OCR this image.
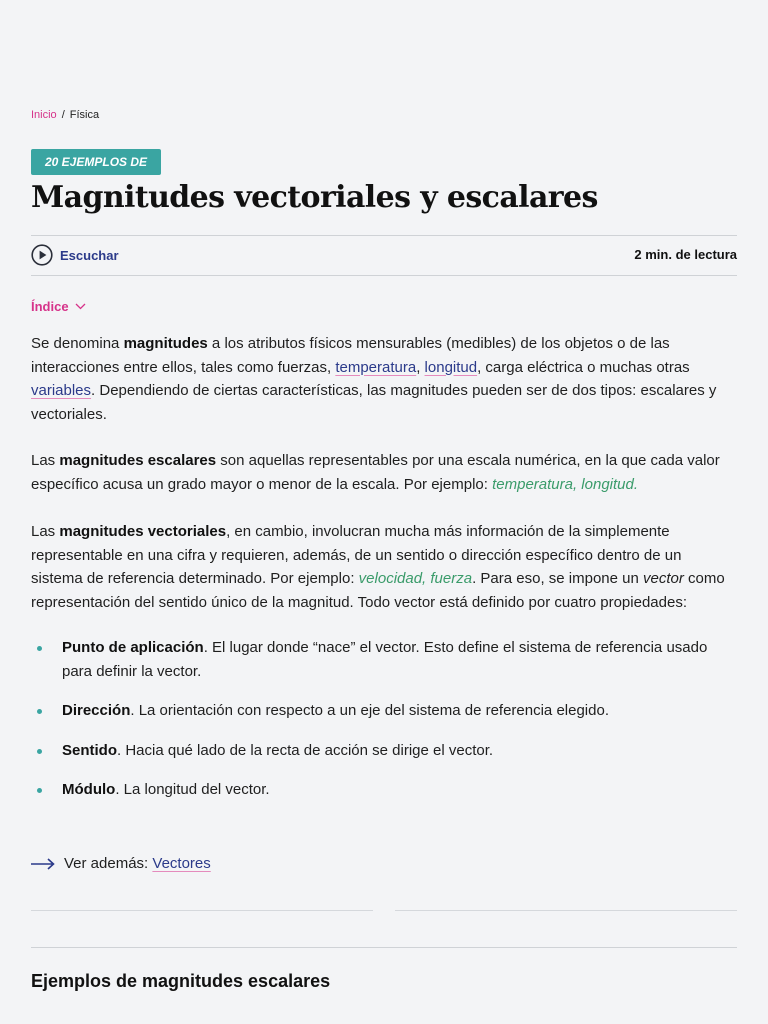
Inicio / Física
20 EJEMPLOS DE
Magnitudes vectoriales y escalares
Escuchar	2 min. de lectura
Índice

Se denomina magnitudes a los atributos físicos mensurables (medibles) de los objetos o de las interacciones entre ellos, tales como fuerzas, temperatura, longitud, carga eléctrica o muchas otras variables. Dependiendo de ciertas características, las magnitudes pueden ser de dos tipos: escalares y vectoriales.

Las magnitudes escalares son aquellas representables por una escala numérica, en la que cada valor específico acusa un grado mayor o menor de la escala. Por ejemplo: temperatura, longitud.

Las magnitudes vectoriales, en cambio, involucran mucha más información de la simplemente representable en una cifra y requieren, además, de un sentido o dirección específico dentro de un sistema de referencia determinado. Por ejemplo: velocidad, fuerza. Para eso, se impone un vector como representación del sentido único de la magnitud. Todo vector está definido por cuatro propiedades:

Punto de aplicación. El lugar donde “nace” el vector. Esto define el sistema de referencia usado para definir la vector.
Dirección. La orientación con respecto a un eje del sistema de referencia elegido.
Sentido. Hacia qué lado de la recta de acción se dirige el vector.
Módulo. La longitud del vector.
Ver además: Vectores
Ejemplos de magnitudes escalares
